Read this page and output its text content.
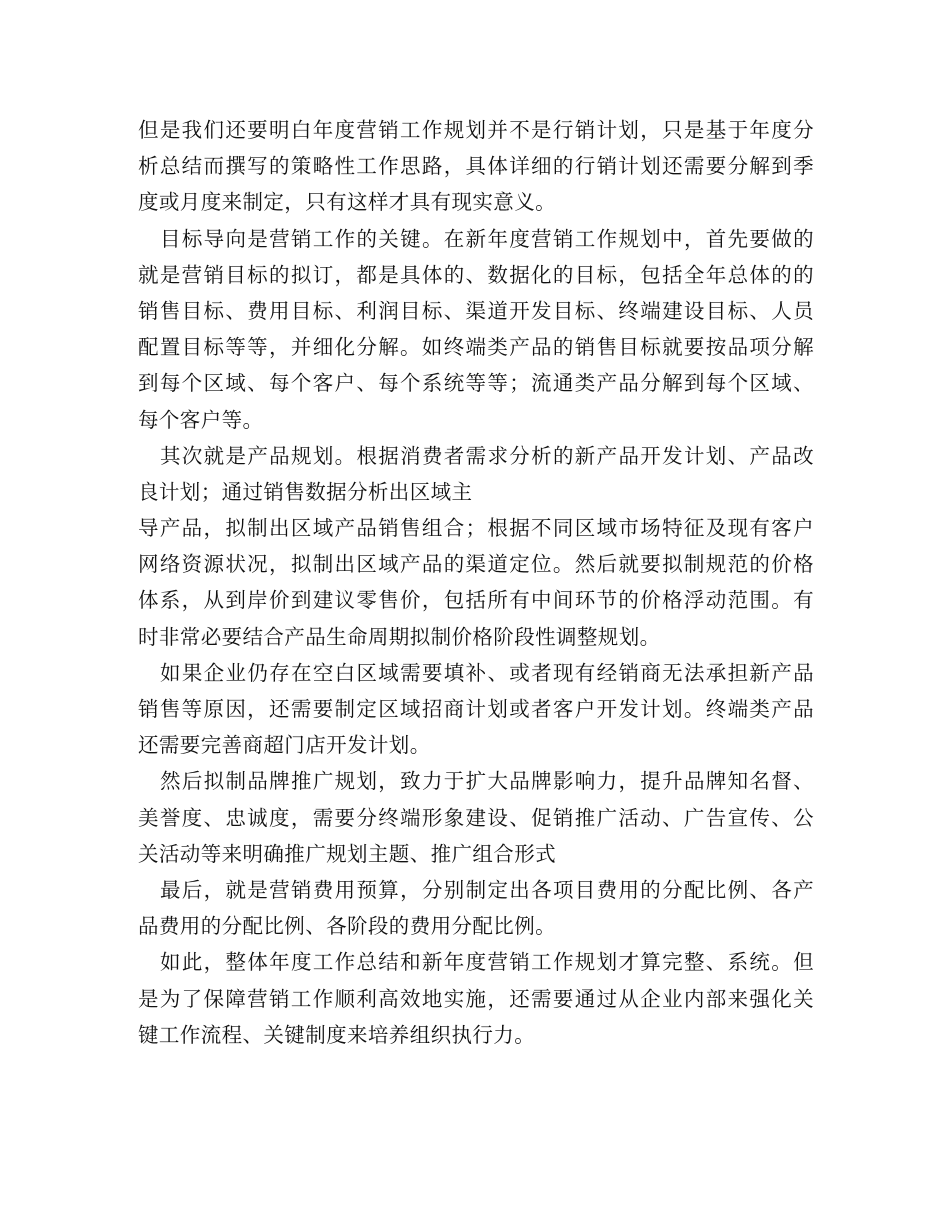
但是我们还要明白年度营销工作规划并不是行销计划，只是基于年度分
析总结而撰写的策略性工作思路，具体详细的行销计划还需要分解到季
度或月度来制定，只有这样才具有现实意义。
目标导向是营销工作的关键。在新年度营销工作规划中，首先要做的
就是营销目标的拟订，都是具体的、数据化的目标，包括全年总体的的
销售目标、费用目标、利润目标、渠道开发目标、终端建设目标、人员
配置目标等等，并细化分解。如终端类产品的销售目标就要按品项分解
到每个区域、每个客户、每个系统等等；流通类产品分解到每个区域、
每个客户等。
其次就是产品规划。根据消费者需求分析的新产品开发计划、产品改
良计划；通过销售数据分析出区域主
导产品，拟制出区域产品销售组合；根据不同区域市场特征及现有客户
网络资源状况，拟制出区域产品的渠道定位。然后就要拟制规范的价格
体系，从到岸价到建议零售价，包括所有中间环节的价格浮动范围。有
时非常必要结合产品生命周期拟制价格阶段性调整规划。
如果企业仍存在空白区域需要填补、或者现有经销商无法承担新产品
销售等原因，还需要制定区域招商计划或者客户开发计划。终端类产品
还需要完善商超门店开发计划。
然后拟制品牌推广规划，致力于扩大品牌影响力，提升品牌知名督、
美誉度、忠诚度，需要分终端形象建设、促销推广活动、广告宣传、公
关活动等来明确推广规划主题、推广组合形式
最后，就是营销费用预算，分别制定出各项目费用的分配比例、各产
品费用的分配比例、各阶段的费用分配比例。
如此，整体年度工作总结和新年度营销工作规划才算完整、系统。但
是为了保障营销工作顺利高效地实施，还需要通过从企业内部来强化关
键工作流程、关键制度来培养组织执行力。
